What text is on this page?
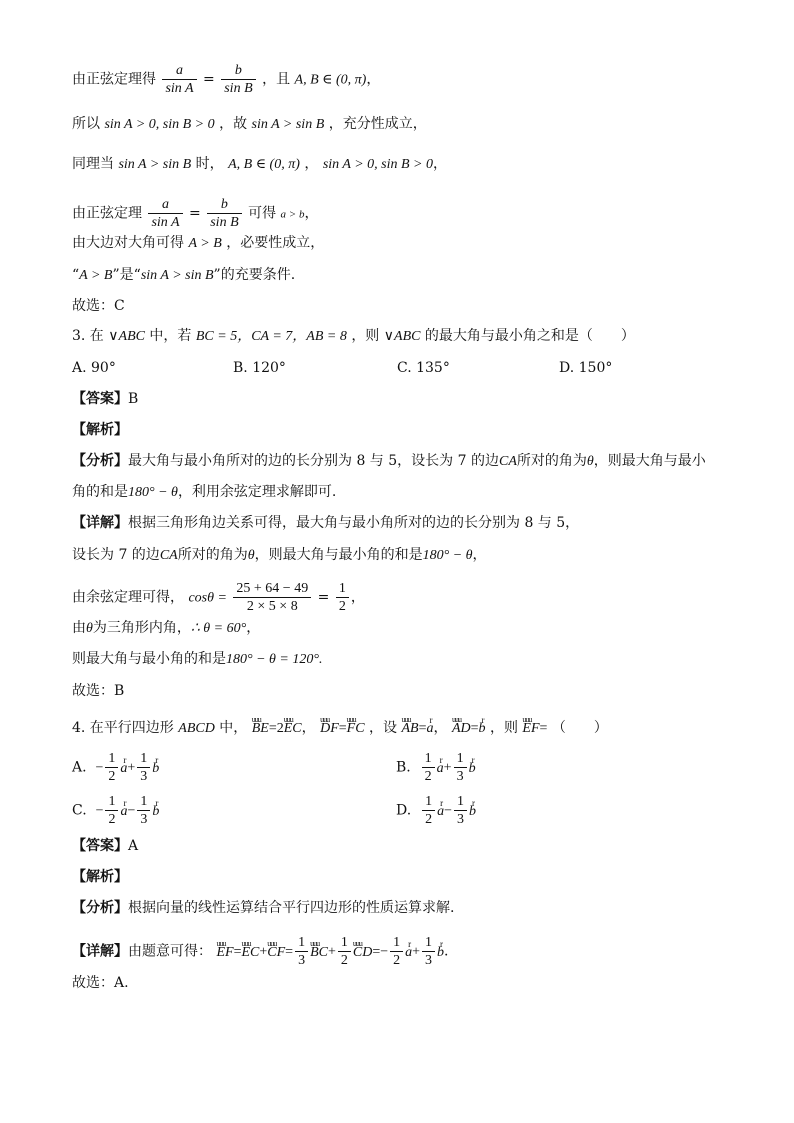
由正弦定理得 $\frac{a}{\text{sin A}} = \frac{b}{\text{sin B}}$ ，且 A, B ∈ (0, π)，
所以 sin A > 0, sin B > 0 ，故 sin A > sin B ，充分性成立，
同理当 sin A > sin B 时， A, B ∈ (0, π) ， sin A > 0, sin B > 0，
由正弦定理 $\frac{a}{\text{sin A}} = \frac{b}{\text{sin B}}$ 可得 a > b，
由大边对大角可得 A > B ，必要性成立，
“A > B”是“sin A > sin B”的充要条件.
故选：C
3. 在 ∨ABC 中，若 BC = 5，CA = 7，AB = 8 ，则 ∨ABC 的最大角与最小角之和是（　　）
A. 90°	B. 120°	C. 135°	D. 150°
【答案】B
【解析】
【分析】最大角与最小角所对的边的长分别为 8 与 5，设长为 7 的边CA所对的角为θ，则最大角与最小
角的和是180° − θ，利用余弦定理求解即可.
【详解】根据三角形角边关系可得，最大角与最小角所对的边的长分别为 8 与 5，
设长为 7 的边CA所对的角为θ，则最大角与最小角的和是180° − θ，
由余弦定理可得， $\cos\theta = \frac{25 + 64 - 49}{2 \times 5 \times 8} = \frac{1}{2}$ ，
由θ为三角形内角，∴ θ = 60°，
则最大角与最小角的和是180° − θ = 120°.
故选：B
4. 在平行四边形 ABCD 中， uuu BE=2uuu EC， uuu DF=uuu FC ，设 uuu AB=r a， uuu AD=r b ，则 uuu EF= （　　）
A. − $\frac{1}{2}$ r $a+ \frac{1}{3}$ r b	B. $\frac{1}{2}$ r $a+ \frac{1}{3}$ r b
C. − $\frac{1}{2}$ r $a- \frac{1}{3}$ r b	D. $\frac{1}{2}$ r $a- \frac{1}{3}$ r b
【答案】A
【解析】
【分析】根据向量的线性运算结合平行四边形的性质运算求解.
【详解】由题意可得： uuu EF=uuu EC+uuu $CF= \frac{1}{3}$ uuu $BC+ \frac{1}{2}$ uuu $CD=- \frac{1}{2}$ r $a+ \frac{1}{3}$ r b.
故选：A.
